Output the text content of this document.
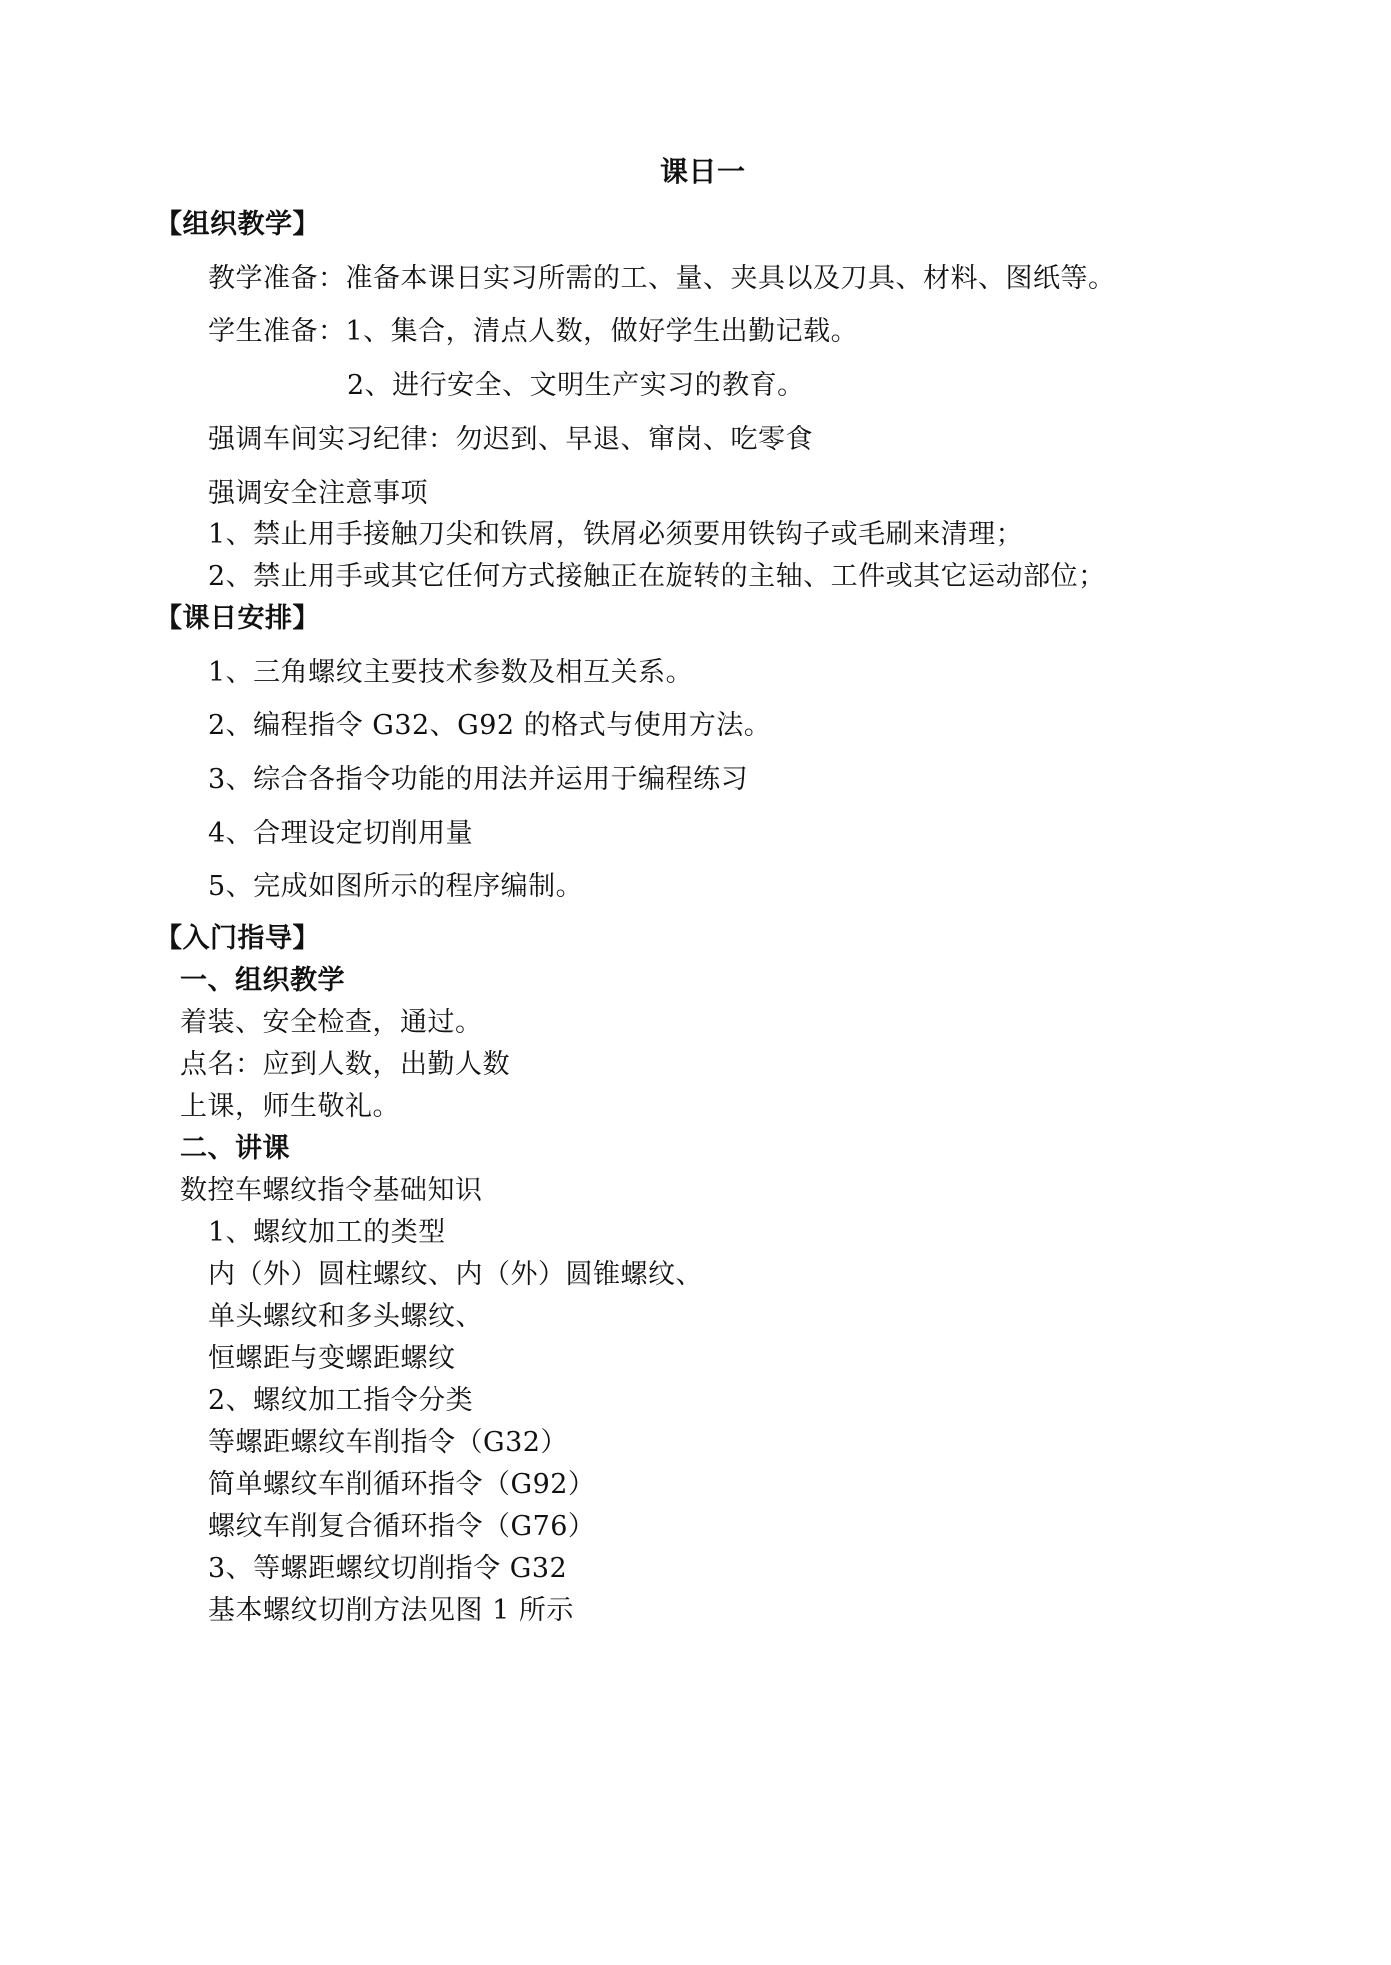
课日一
【组织教学】
教学准备：准备本课日实习所需的工、量、夹具以及刀具、材料、图纸等。
学生准备：1、集合，清点人数，做好学生出勤记载。
2、进行安全、文明生产实习的教育。
强调车间实习纪律：勿迟到、早退、窜岗、吃零食
强调安全注意事项
1、禁止用手接触刀尖和铁屑，铁屑必须要用铁钩子或毛刷来清理；
2、禁止用手或其它任何方式接触正在旋转的主轴、工件或其它运动部位；
【课日安排】
1、三角螺纹主要技术参数及相互关系。
2、编程指令 G32、G92 的格式与使用方法。
3、综合各指令功能的用法并运用于编程练习
4、合理设定切削用量
5、完成如图所示的程序编制。
【入门指导】
一、组织教学
着装、安全检查，通过。
点名：应到人数，出勤人数
上课，师生敬礼。
二、讲课
数控车螺纹指令基础知识
1、螺纹加工的类型
内（外）圆柱螺纹、内（外）圆锥螺纹、
单头螺纹和多头螺纹、
恒螺距与变螺距螺纹
2、螺纹加工指令分类
等螺距螺纹车削指令（G32）
简单螺纹车削循环指令（G92）
螺纹车削复合循环指令（G76）
3、等螺距螺纹切削指令 G32
基本螺纹切削方法见图 1 所示
